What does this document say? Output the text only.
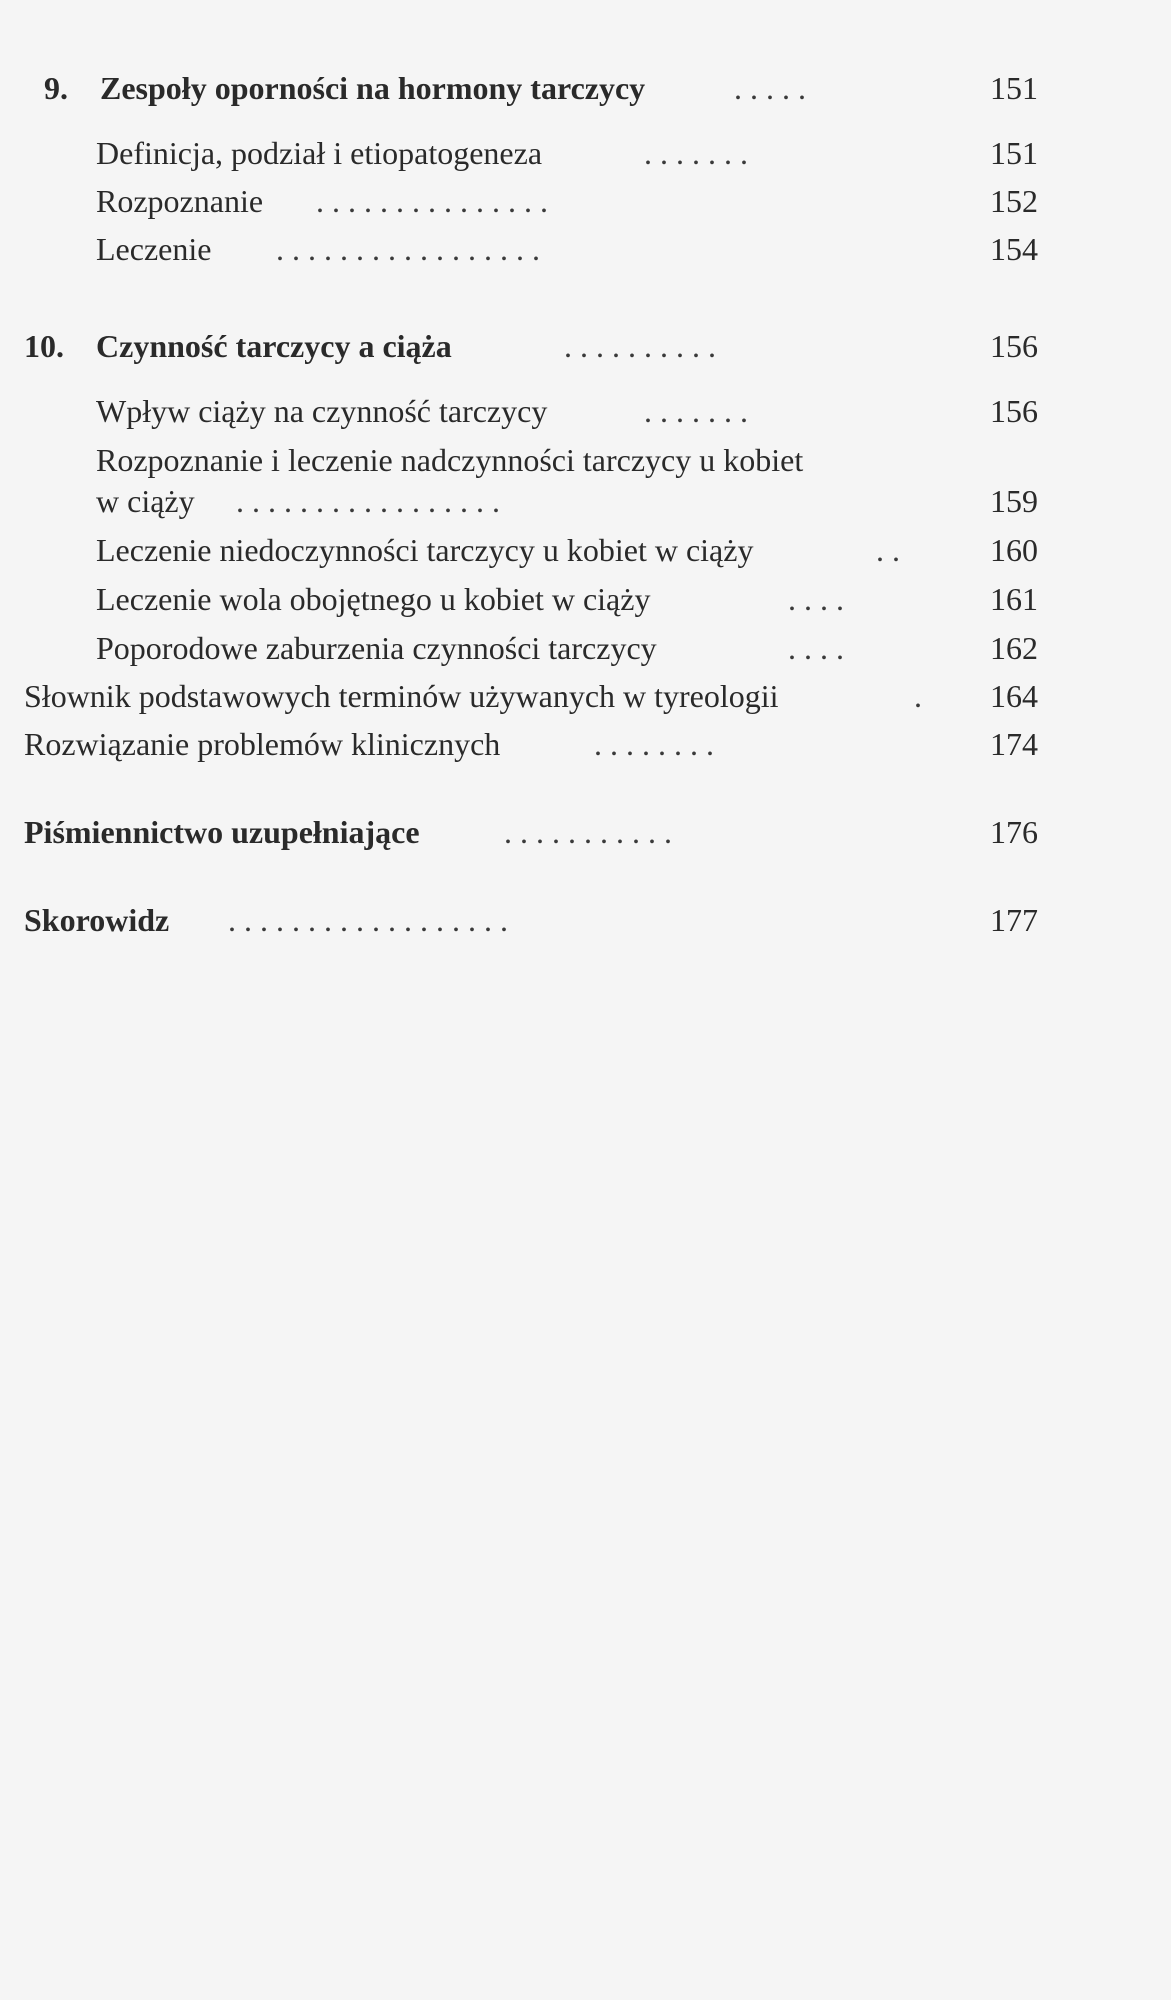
9. Zespoły oporności na hormony tarczycy	. . . . .	151
Definicja, podział i etiopatogeneza	. . . . . . .	151
Rozpoznanie . . . . . . . . . . . . . . .	152
Leczenie . . . . . . . . . . . . . . . . .	154
10. Czynność tarczycy a ciąża	. . . . . . . . . .	156
Wpływ ciąży na czynność tarczycy	. . . . . . .	156
Rozpoznanie i leczenie nadczynności tarczycy u kobiet
w ciąży . . . . . . . . . . . . . . . . .	159
Leczenie niedoczynności tarczycy u kobiet w ciąży	. .	160
Leczenie wola obojętnego u kobiet w ciąży	. . . .	161
Poporodowe zaburzenia czynności tarczycy	. . . .	162
Słownik podstawowych terminów używanych w tyreologii	. 164
Rozwiązanie problemów klinicznych	. . . . . . . .	174
Piśmiennictwo uzupełniające	. . . . . . . . . . .	176
Skorowidz . . . . . . . . . . . . . . . . . .	177
